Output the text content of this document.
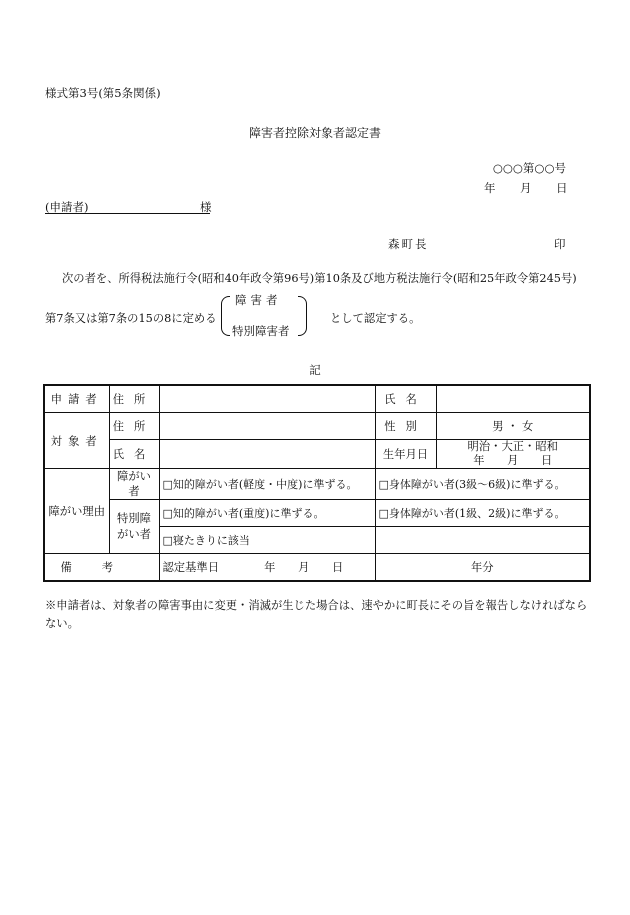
様式第3号(第5条関係)
障害者控除対象者認定書
○○○第○○号
年 月 日
(申請者)	様
森町長	印
次の者を、所得税法施行令(昭和40年政令第96号)第10条及び地方税法施行令(昭和25年政令第245号)
第7条又は第7条の15の8に定める
障害者
特別障害者
として認定する。
記
申請者	住所		氏名	
対象者	住所		性別	男 ・ 女
	氏名		生年月日	明治・大正・昭和
年　　月　　日

障がい理由	障がい者	□知的障がい者(軽度・中度)に準ずる。	□身体障がい者(3級～6級)に準ずる。	
	特別障がい者	□知的障がい者(重度)に準ずる。	□身体障がい者(1級、2級)に準ずる。	
		□寝たきりに該当		
備考		認定基準日　　　　年　　月　　日	年分	
※申請者は、対象者の障害事由に変更・消滅が生じた場合は、速やかに町長にその旨を報告しなければならない。
